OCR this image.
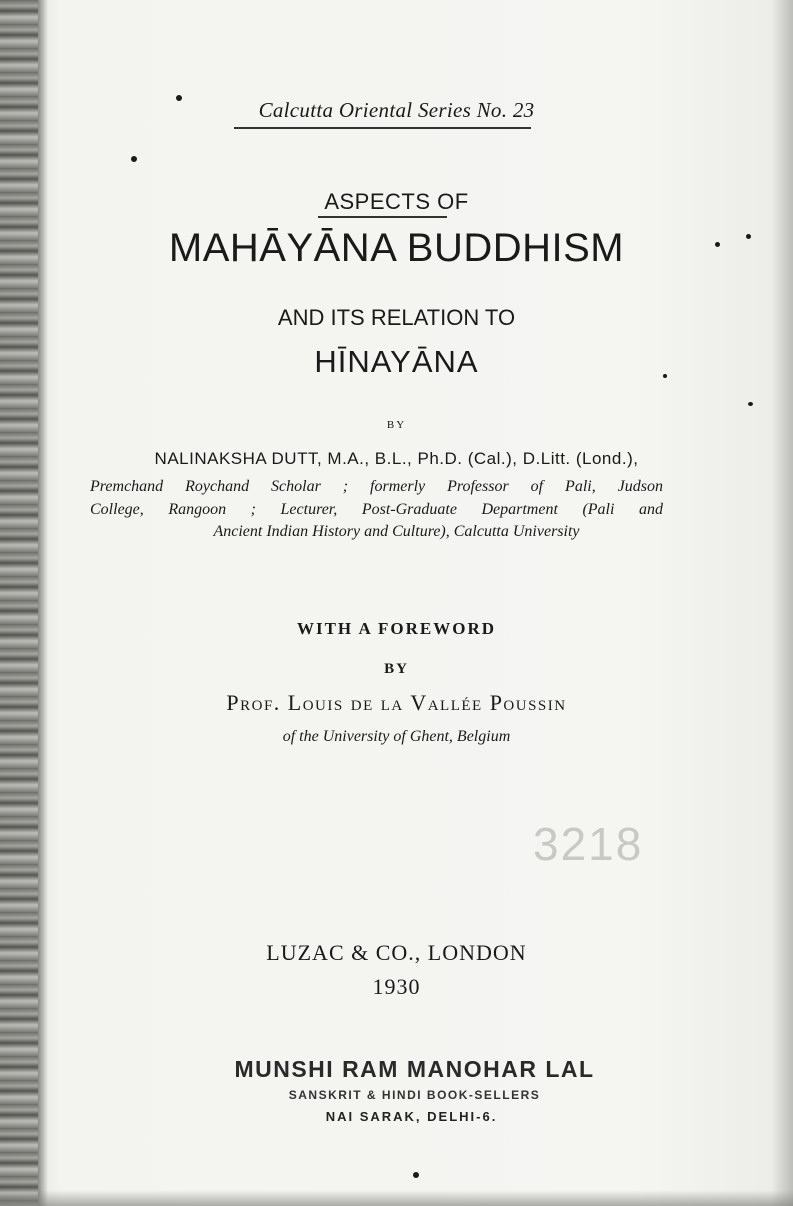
Calcutta Oriental Series No. 23
ASPECTS OF
MAHĀYĀNA BUDDHISM
AND ITS RELATION TO
HĪNAYĀNA
BY
NALINAKSHA DUTT, M.A., B.L., Ph.D. (Cal.), D.Litt. (Lond.),
Premchand Roychand Scholar ; formerly Professor of Pali, Judson
College, Rangoon ; Lecturer, Post-Graduate Department (Pali and
Ancient Indian History and Culture), Calcutta University
WITH A FOREWORD
BY
Prof. Louis de la Vallée Poussin
of the University of Ghent, Belgium
3218
LUZAC & CO., LONDON
1930
MUNSHI RAM MANOHAR LAL
SANSKRIT & HINDI BOOK-SELLERS
NAI SARAK, DELHI-6.
